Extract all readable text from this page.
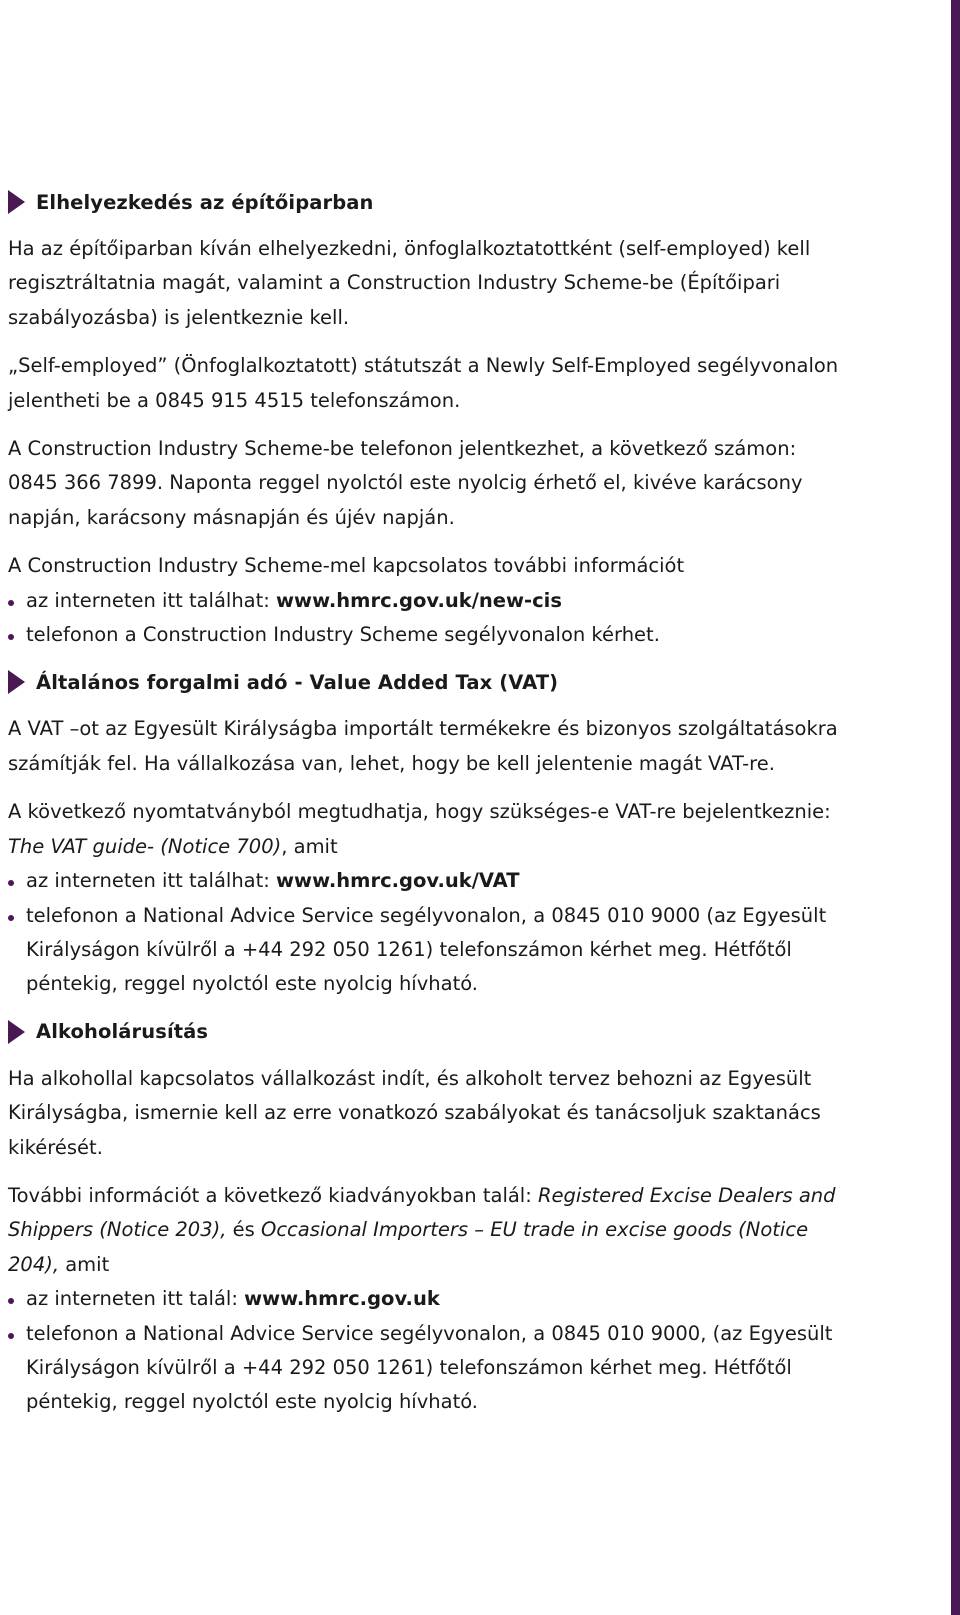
Elhelyezkedés az építőiparban

Ha az építőiparban kíván elhelyezkedni, önfoglalkoztatottként (self-employed) kell regisztráltatnia magát, valamint a Construction Industry Scheme-be (Építőipari szabályozásba) is jelentkeznie kell.

„Self-employed” (Önfoglalkoztatott) státutszát a Newly Self-Employed segélyvonalon jelentheti be a 0845 915 4515 telefonszámon.

A Construction Industry Scheme-be telefonon jelentkezhet, a következő számon: 0845 366 7899. Naponta reggel nyolctól este nyolcig érhető el, kivéve karácsony napján, karácsony másnapján és újév napján.

A Construction Industry Scheme-mel kapcsolatos további információt

az interneten itt találhat: www.hmrc.gov.uk/new-cis
telefonon a Construction Industry Scheme segélyvonalon kérhet.
Általános forgalmi adó - Value Added Tax (VAT)

A VAT –ot az Egyesült Királyságba importált termékekre és bizonyos szolgáltatásokra számítják fel. Ha vállalkozása van, lehet, hogy be kell jelentenie magát VAT-re.

A következő nyomtatványból megtudhatja, hogy szükséges-e VAT-re bejelentkeznie: The VAT guide- (Notice 700), amit

az interneten itt találhat: www.hmrc.gov.uk/VAT
telefonon a National Advice Service segélyvonalon, a 0845 010 9000 (az Egyesült Királyságon kívülről a +44 292 050 1261) telefonszámon kérhet meg. Hétfőtől péntekig, reggel nyolctól este nyolcig hívható.
Alkoholárusítás

Ha alkohollal kapcsolatos vállalkozást indít, és alkoholt tervez behozni az Egyesült Királyságba, ismernie kell az erre vonatkozó szabályokat és tanácsoljuk szaktanács kikérését.

További információt a következő kiadványokban talál: Registered Excise Dealers and Shippers (Notice 203), és Occasional Importers – EU trade in excise goods (Notice 204), amit

az interneten itt talál: www.hmrc.gov.uk
telefonon a National Advice Service segélyvonalon, a 0845 010 9000, (az Egyesült Királyságon kívülről a +44 292 050 1261) telefonszámon kérhet meg. Hétfőtől péntekig, reggel nyolctól este nyolcig hívható.
